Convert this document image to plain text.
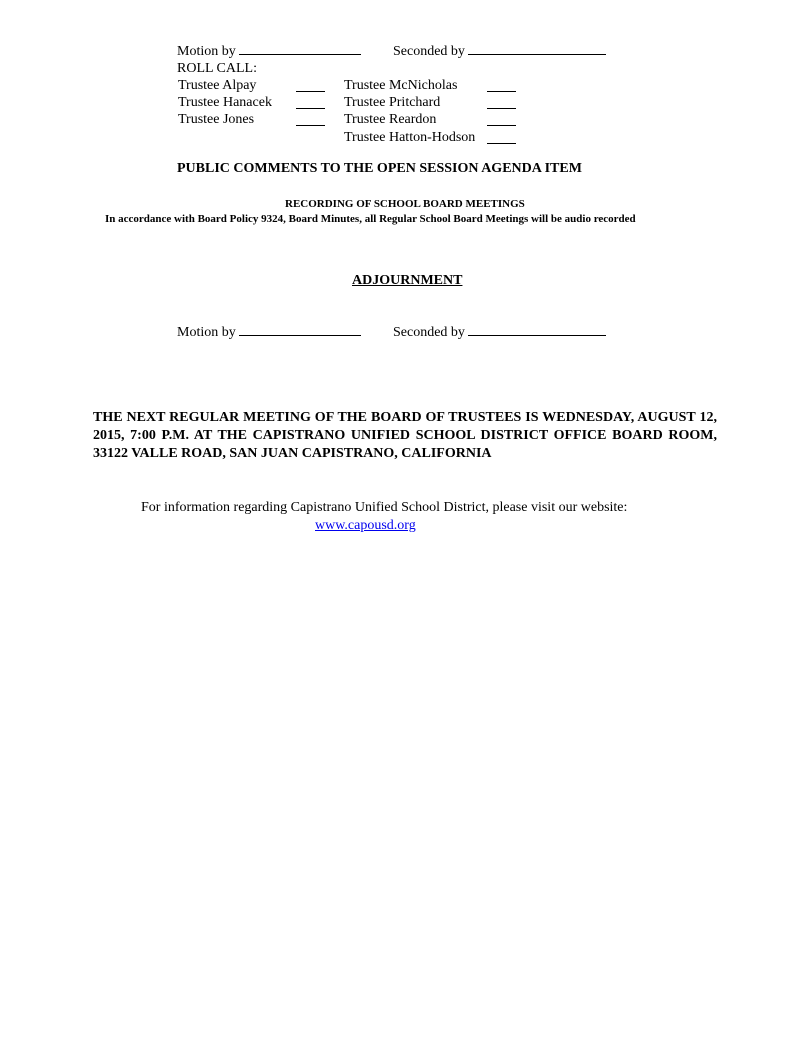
Motion by	Seconded by
ROLL CALL:
Trustee Alpay
Trustee Hanacek
Trustee Jones
Trustee McNicholas
Trustee Pritchard
Trustee Reardon
Trustee Hatton-Hodson
PUBLIC COMMENTS TO THE OPEN SESSION AGENDA ITEM
RECORDING OF SCHOOL BOARD MEETINGS
In accordance with Board Policy 9324, Board Minutes, all Regular School Board Meetings will be audio recorded
ADJOURNMENT
Motion by	Seconded by
THE NEXT REGULAR MEETING OF THE BOARD OF TRUSTEES IS WEDNESDAY, AUGUST 12, 2015, 7:00 P.M. AT THE CAPISTRANO UNIFIED SCHOOL DISTRICT OFFICE BOARD ROOM, 33122 VALLE ROAD, SAN JUAN CAPISTRANO, CALIFORNIA
For information regarding Capistrano Unified School District, please visit our website:
www.capousd.org
